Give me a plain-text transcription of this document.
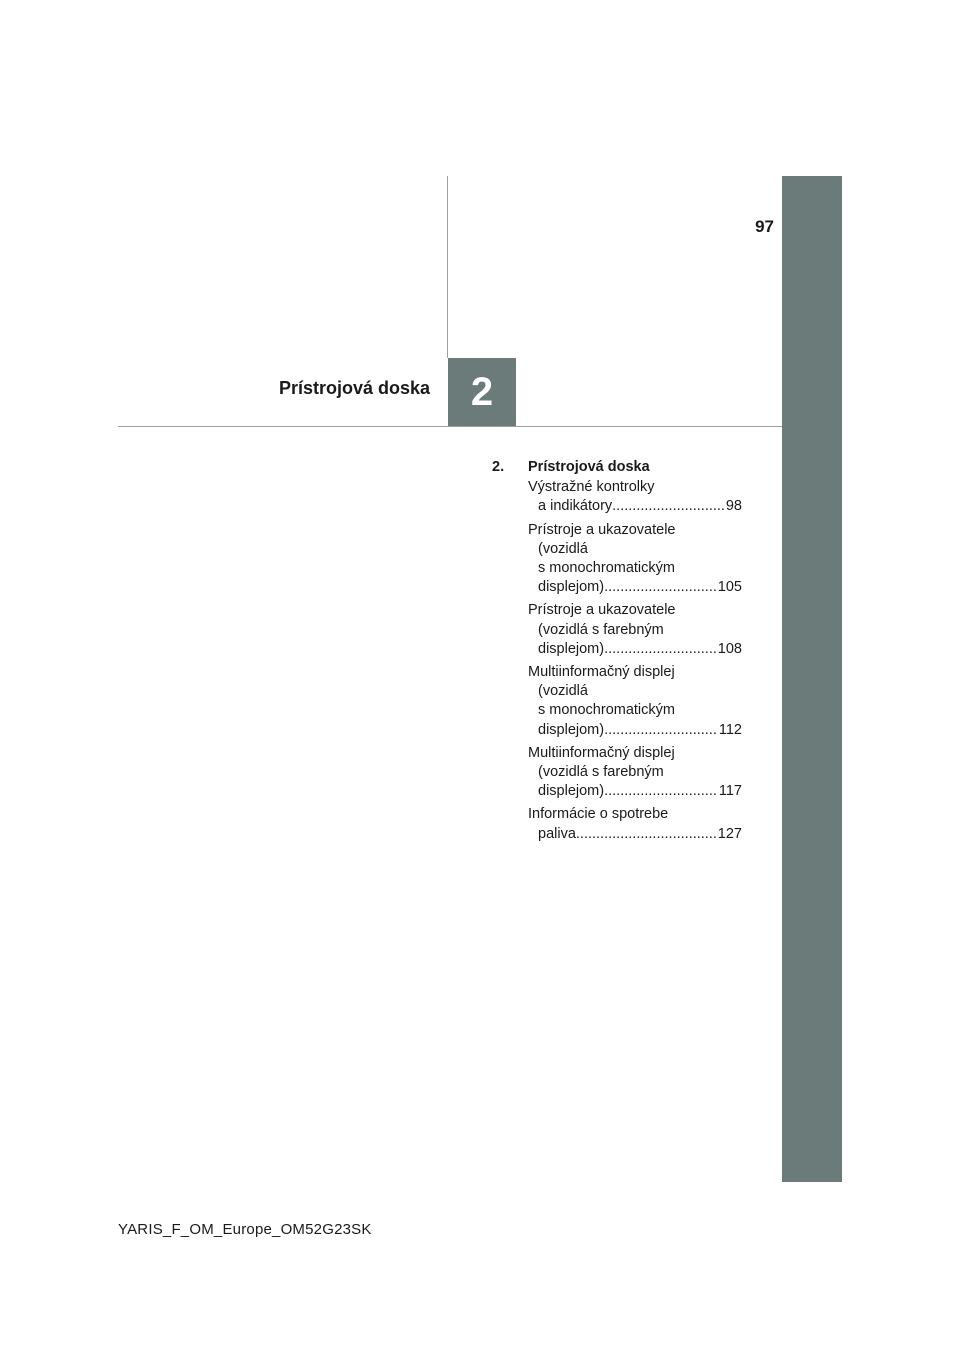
97
2
Prístrojová doska
2.	Prístrojová doska
Výstražné kontrolky
a indikátory .....	98
Prístroje a ukazovatele
(vozidlá
s monochromatickým
displejom) .....	105
Prístroje a ukazovatele
(vozidlá s farebným
displejom) .....	108
Multiinformačný displej
(vozidlá
s monochromatickým
displejom) .....	112
Multiinformačný displej
(vozidlá s farebným
displejom) .....	117
Informácie o spotrebe
paliva .....	127
YARIS_F_OM_Europe_OM52G23SK
